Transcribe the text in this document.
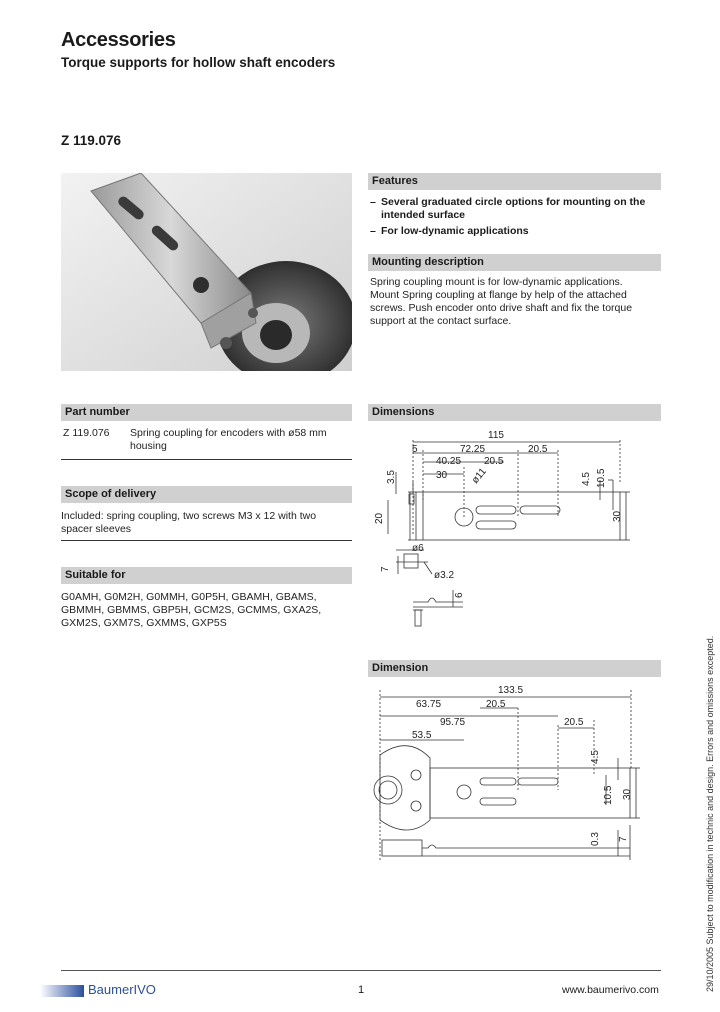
Accessories
Torque supports for hollow shaft encoders
Z 119.076
Features
– Several graduated circle options for mounting on the intended surface
– For low-dynamic applications
Mounting description
Spring coupling mount is for low-dynamic applications. Mount Spring coupling at flange by help of the attached screws. Push encoder onto drive shaft and fix the torque support at the contact surface.
Part number
Z 119.076 Spring coupling for encoders with ø58 mm housing
Scope of delivery
Included: spring coupling, two screws M3 x 12 with two spacer sleeves
Suitable for
G0AMH, G0M2H, G0MMH, G0P5H, GBAMH, GBAMS, GBMMH, GBMMS, GBP5H, GCM2S, GCMMS, GXA2S, GXM2S, GXM7S, GXMMS, GXP5S
Dimensions
115
5	72.25	20.5
40.25 20.5
30 ø11
3.5
20
4.5 10.5
30
ø6
7
ø3.2
6
Dimension
133.5
63.75	20.5
95.75	20.5
53.5
4.5
10.5 30
0.3 7	29/10/2005 Subject to modification in technic and design. Errors and omissions excepted.
BaumerIVO	1	www.baumerivo.com
